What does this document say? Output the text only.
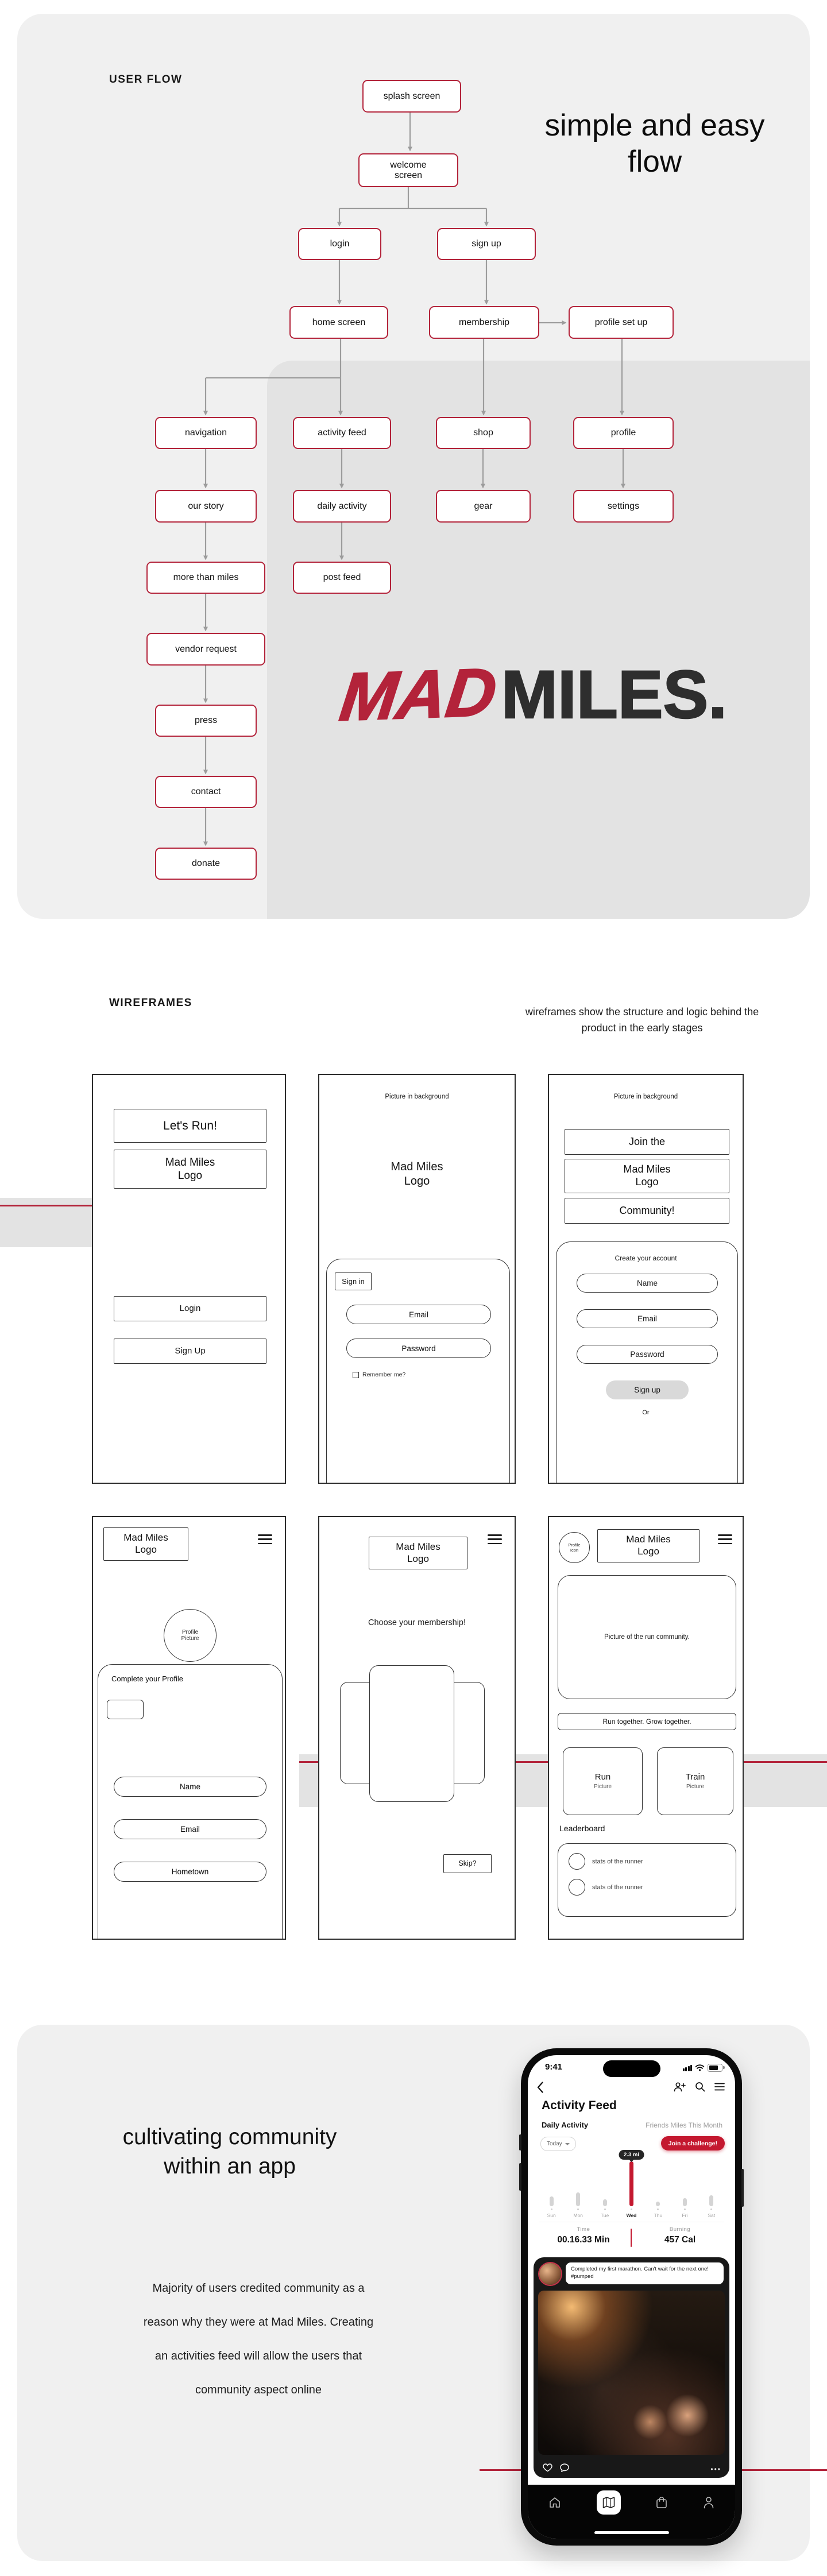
USER FLOW
splash screen
welcome screen
login	sign up
home screen	membership	profile set up
navigation	activity feed	shop	profile
our story	daily activity	gear	settings
more than miles	post feed
vendor request
press
contact
donate
simple and easy
flow
MADMILES.
WIREFRAMES
wireframes show the structure and logic behind the
product in the early stages
Let's Run!
Mad Miles Logo
Login
Sign Up
Picture in background
Mad Miles Logo
Sign in
Email
Password
Remember me?
Picture in background
Join the
Mad Miles Logo
Community!
Create your account
Name
Email
Password
Sign up
Or
Mad Miles Logo
Profile Picture
Complete your Profile
Name
Email
Hometown
Mad Miles Logo
Choose your membership!
Skip?
Profile Icon
Mad Miles Logo
Picture of the run community.
Run together. Grow together.
Run
Picture
Train
Picture
Leaderboard
stats of the runner
stats of the runner
cultivating community
within an app
Majority of users credited community as a
reason why they were at Mad Miles. Creating
an activities feed will allow the users that
community aspect online
9:41
Activity Feed
Daily Activity	Friends Miles This Month
Today	Join a challenge!
2.3 mi
Sun	Mon	Tue	Wed	Thu	Fri	Sat
Time
00.16.33 Min
Burning
457 Cal
Completed my first marathon. Can't wait for the next one! #pumped
•••
